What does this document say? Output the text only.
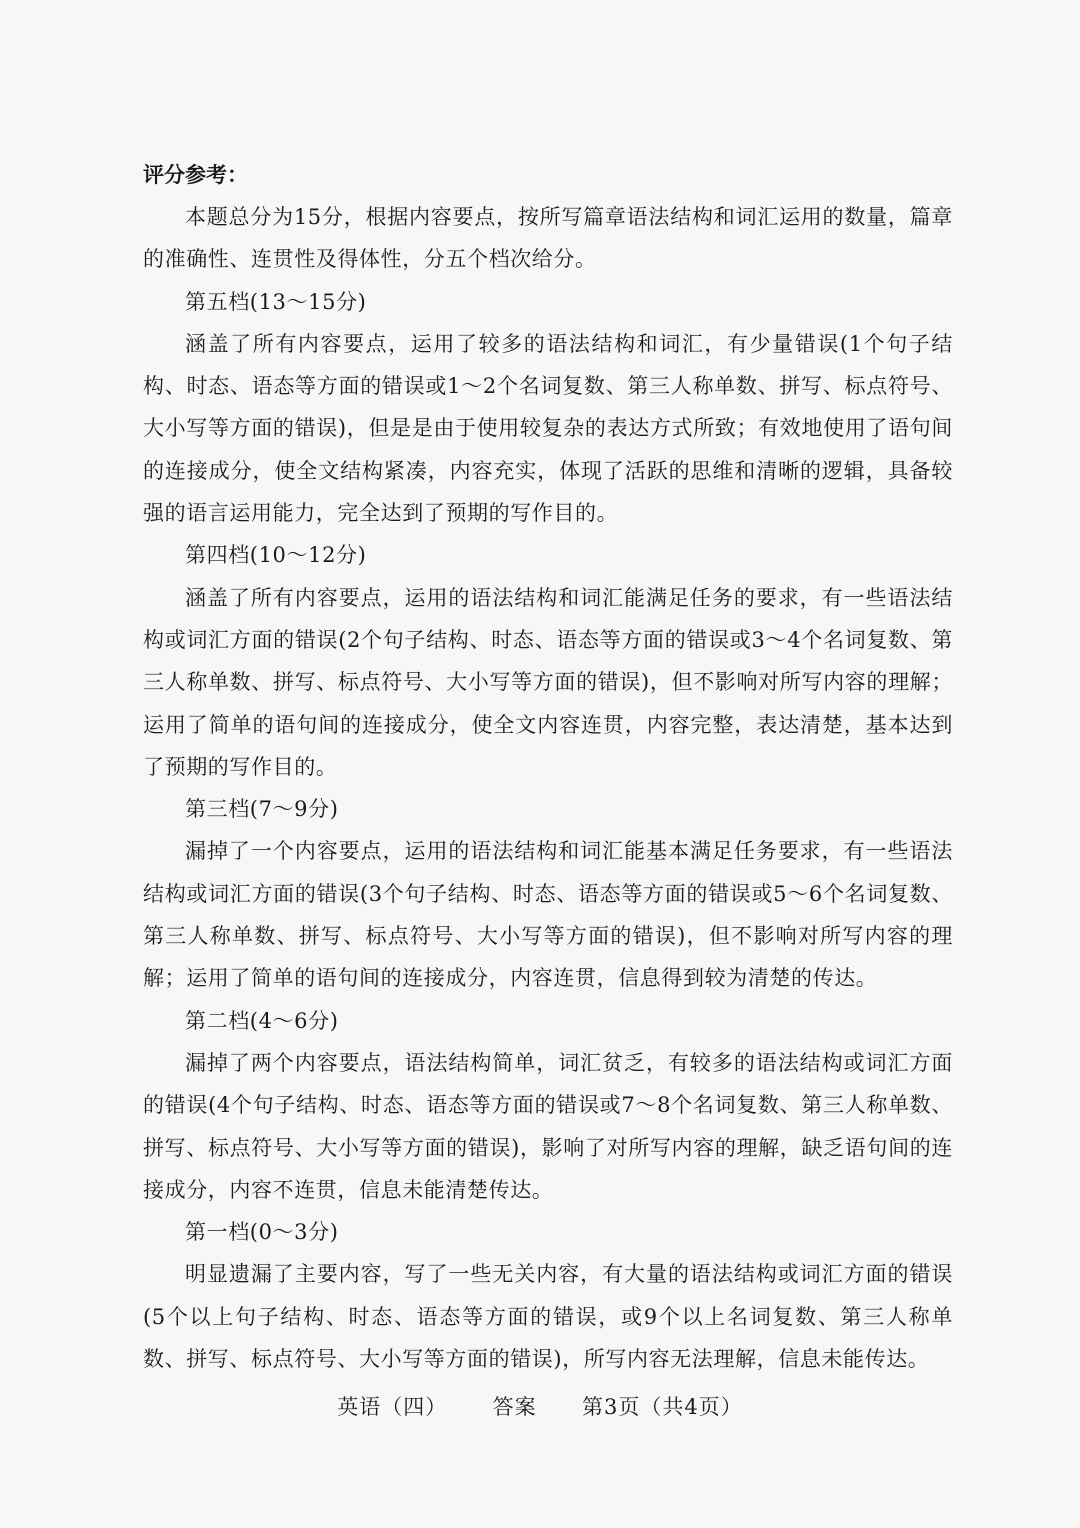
评分参考：

本题总分为15分，根据内容要点，按所写篇章语法结构和词汇运用的数量，篇章的准确性、连贯性及得体性，分五个档次给分。

第五档(13～15分)

涵盖了所有内容要点，运用了较多的语法结构和词汇，有少量错误(1个句子结构、时态、语态等方面的错误或1～2个名词复数、第三人称单数、拼写、标点符号、大小写等方面的错误)，但是是由于使用较复杂的表达方式所致；有效地使用了语句间的连接成分，使全文结构紧凑，内容充实，体现了活跃的思维和清晰的逻辑，具备较强的语言运用能力，完全达到了预期的写作目的。

第四档(10～12分)

涵盖了所有内容要点，运用的语法结构和词汇能满足任务的要求，有一些语法结构或词汇方面的错误(2个句子结构、时态、语态等方面的错误或3～4个名词复数、第三人称单数、拼写、标点符号、大小写等方面的错误)，但不影响对所写内容的理解；运用了简单的语句间的连接成分，使全文内容连贯，内容完整，表达清楚，基本达到了预期的写作目的。

第三档(7～9分)

漏掉了一个内容要点，运用的语法结构和词汇能基本满足任务要求，有一些语法结构或词汇方面的错误(3个句子结构、时态、语态等方面的错误或5～6个名词复数、第三人称单数、拼写、标点符号、大小写等方面的错误)，但不影响对所写内容的理解；运用了简单的语句间的连接成分，内容连贯，信息得到较为清楚的传达。

第二档(4～6分)

漏掉了两个内容要点，语法结构简单，词汇贫乏，有较多的语法结构或词汇方面的错误(4个句子结构、时态、语态等方面的错误或7～8个名词复数、第三人称单数、拼写、标点符号、大小写等方面的错误)，影响了对所写内容的理解，缺乏语句间的连接成分，内容不连贯，信息未能清楚传达。

第一档(0～3分)

明显遗漏了主要内容，写了一些无关内容，有大量的语法结构或词汇方面的错误(5个以上句子结构、时态、语态等方面的错误，或9个以上名词复数、第三人称单数、拼写、标点符号、大小写等方面的错误)，所写内容无法理解，信息未能传达。

英语（四） 答案 第3页（共4页）
